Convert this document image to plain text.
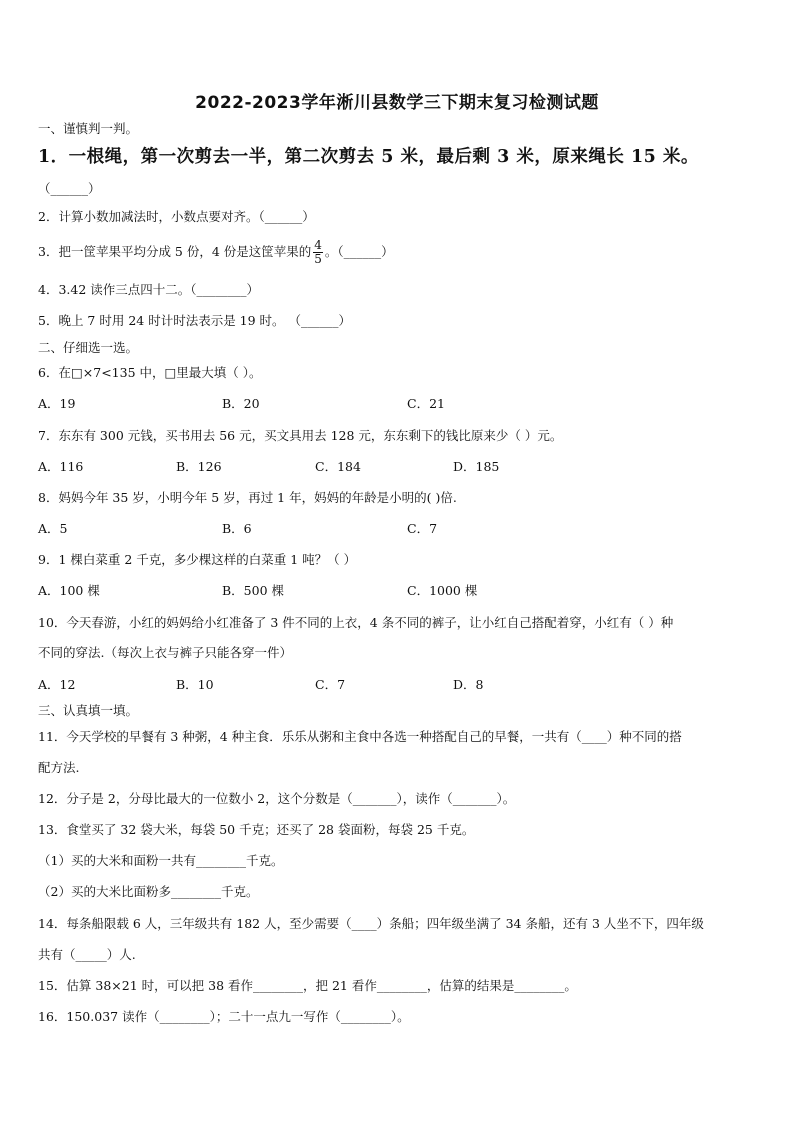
2022-2023学年淅川县数学三下期末复习检测试题
一、谨慎判一判。
1．一根绳，第一次剪去一半，第二次剪去 5 米，最后剩 3 米，原来绳长 15 米。
（______）
2．计算小数加减法时，小数点要对齐。（______）
3．把一筐苹果平均分成 5 份，4 份是这筐苹果的 $\frac{4}{5}$ 。（______）
4．3.42 读作三点四十二。（________）
5．晚上 7 时用 24 时计时法表示是 19 时。 （______）
二、仔细选一选。
6．在□×7<135 中，□里最大填（ ）。
A．19	B．20	C．21
7．东东有 300 元钱，买书用去 56 元，买文具用去 128 元，东东剩下的钱比原来少（ ）元。
A．116	B．126	C．184	D．185
8．妈妈今年 35 岁，小明今年 5 岁，再过 1 年，妈妈的年龄是小明的( )倍.
A．5	B．6	C．7
9．1 棵白菜重 2 千克，多少棵这样的白菜重 1 吨？（ ）
A．100 棵	B．500 棵	C．1000 棵
10．今天春游，小红的妈妈给小红准备了 3 件不同的上衣，4 条不同的裤子，让小红自己搭配着穿，小红有（ ）种
不同的穿法.（每次上衣与裤子只能各穿一件）
A．12	B．10	C．7	D．8
三、认真填一填。
11．今天学校的早餐有 3 种粥，4 种主食．乐乐从粥和主食中各选一种搭配自己的早餐，一共有（____）种不同的搭
配方法.
12．分子是 2，分母比最大的一位数小 2，这个分数是（_______），读作（_______）。
13．食堂买了 32 袋大米，每袋 50 千克；还买了 28 袋面粉，每袋 25 千克。
（1）买的大米和面粉一共有________千克。
（2）买的大米比面粉多________千克。
14．每条船限载 6 人，三年级共有 182 人，至少需要（____）条船；四年级坐满了 34 条船，还有 3 人坐不下，四年级
共有（_____）人.
15．估算 38×21 时，可以把 38 看作________，把 21 看作________，估算的结果是________。
16．150.037 读作（________）；二十一点九一写作（________）。
